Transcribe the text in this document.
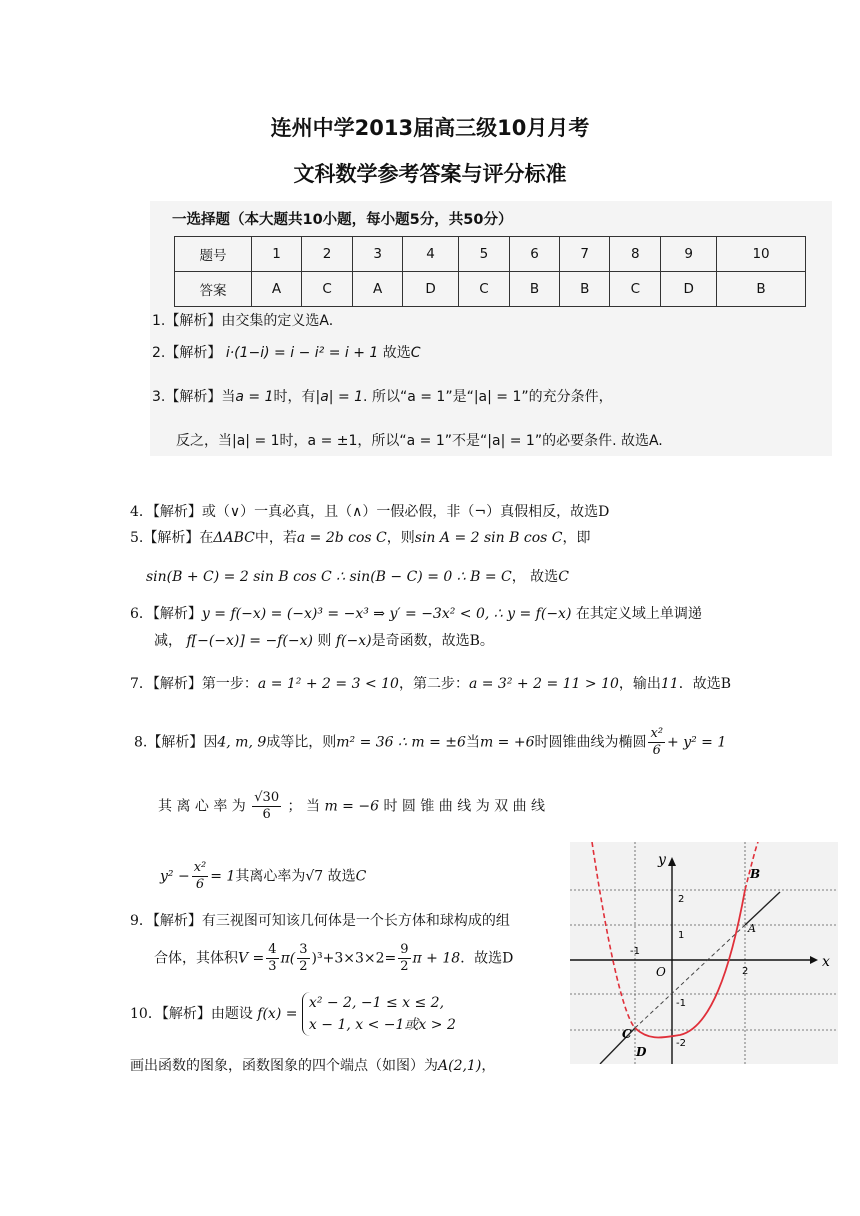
连州中学2013届高三级10月月考
文科数学参考答案与评分标准
一选择题（本大题共10小题，每小题5分，共50分）
题号	1	2	3	4	5	6	7	8	9	10
答案	A	C	A	D	C	B	B	C	D	B
1.【解析】由交集的定义选A.
2.【解析】 i·(1−i) = i − i² = i + 1 故选C
3.【解析】当a = 1时，有|a| = 1. 所以“a = 1”是“|a| = 1”的充分条件，
反之，当|a| = 1时，a = ±1，所以“a = 1”不是“|a| = 1”的必要条件. 故选A.
4．【解析】或（∨）一真必真，且（∧）一假必假，非（¬）真假相反，故选D
5.【解析】在ΔABC中，若a = 2b cos C，则sin A = 2 sin B cos C，即
sin(B + C) = 2 sin B cos C ∴ sin(B − C) = 0 ∴ B = C， 故选C
6．【解析】y = f(−x) = (−x)³ = −x³ ⇒ y′ = −3x² < 0, ∴ y = f(−x) 在其定义域上单调递
减， f[−(−x)] = −f(−x) 则 f(−x)是奇函数，故选B。
7．【解析】第一步：a = 1² + 2 = 3 < 10，第二步：a = 3² + 2 = 11 > 10，输出11．故选B
8.【解析】因4, m, 9成等比，则m² = 36 ∴ m = ±6当m = +6时圆锥曲线为椭圆 $\frac{\text{x²}}{6} + y^2 = 1$
其 离 心 率 为 $\frac{√30}{6}$ ； 当 m = −6 时 圆 锥 曲 线 为 双 曲 线
$y^2 - \frac{\text{x²}}{6} = 1$其离心率为√7 故选C
9．【解析】有三视图可知该几何体是一个长方体和球构成的组
合体，其体积$V = \frac{4}{3} \pi( \frac{3}{2} )^3+3\times 3\times 2= \frac{9}{2}$ π + 18．故选D
10．【解析】由题设 f(x) =
x² − 2, −1 ≤ x ≤ 2,
x − 1, x < −1或x > 2
画出函数的图象，函数图象的四个端点（如图）为A(2,1)，
x
y
O
B
A
C
D
-1
2
2
1
-1
-2
